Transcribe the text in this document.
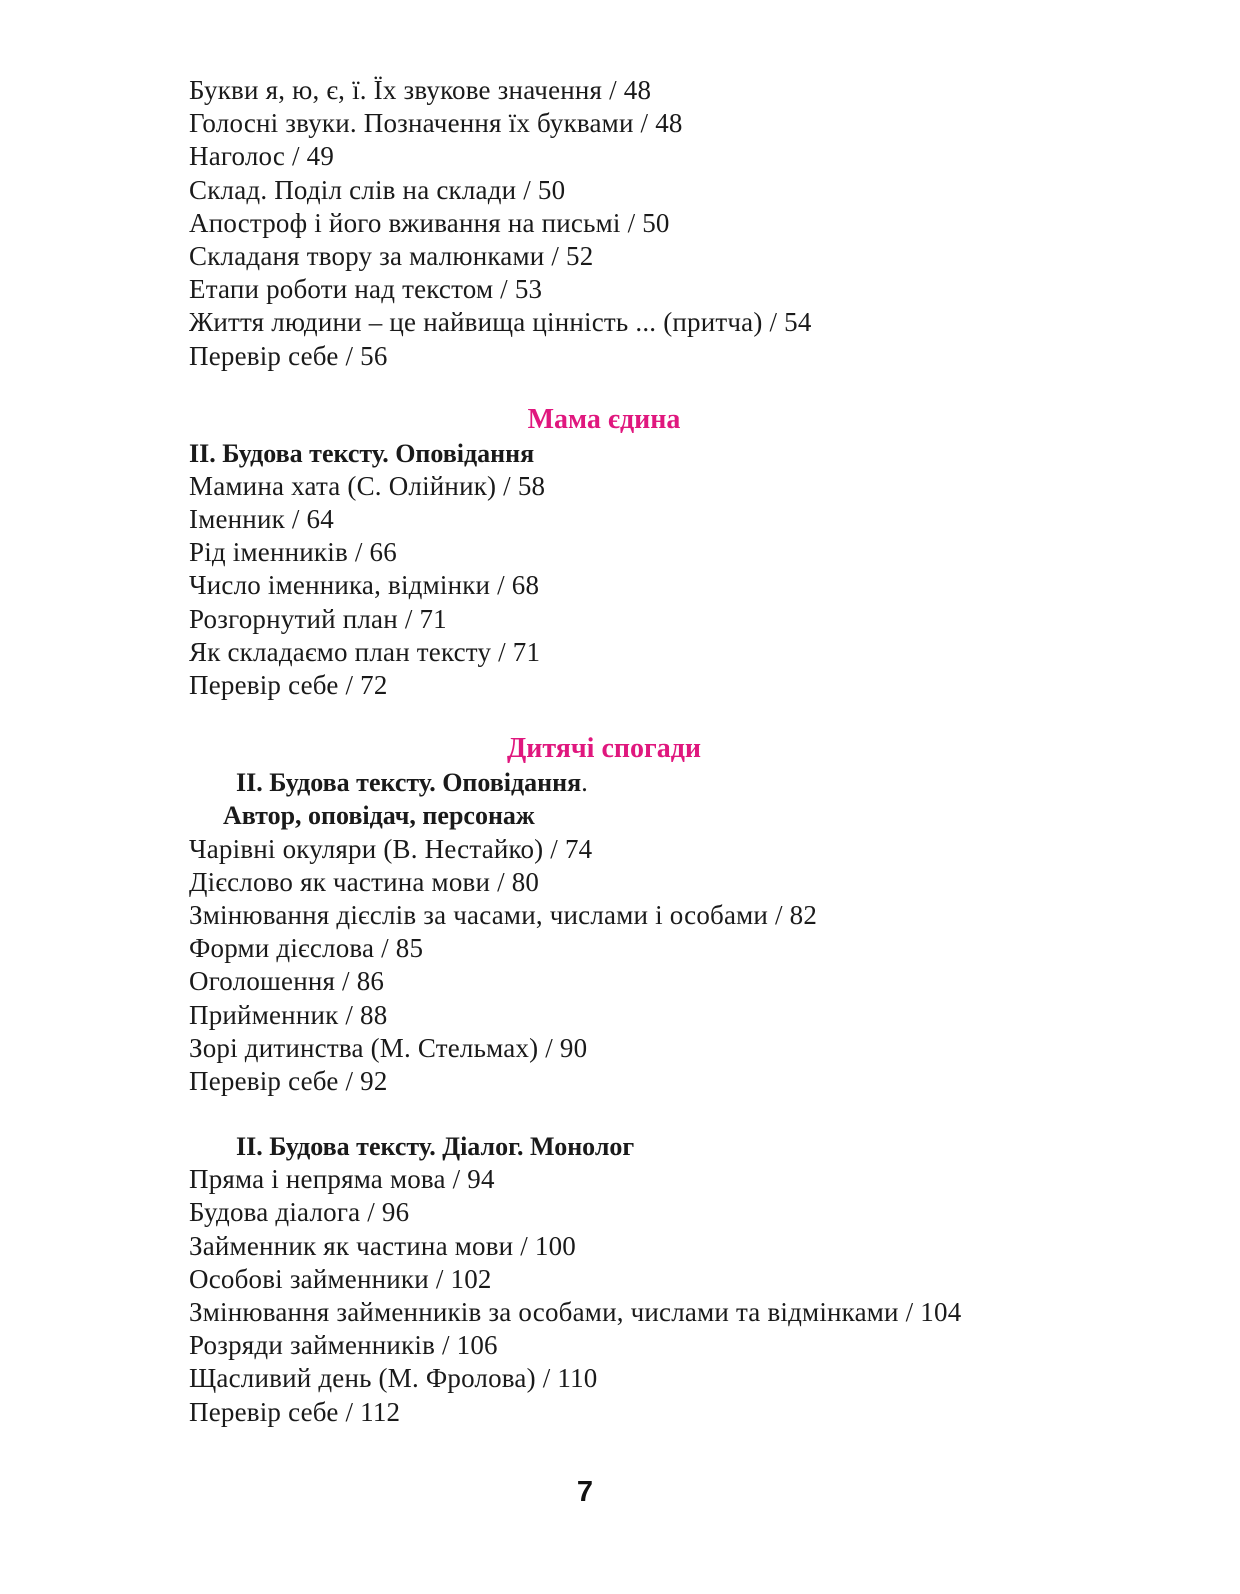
Букви я, ю, є, ї. Їх звукове значення / 48
Голосні звуки. Позначення їх буквами / 48
Наголос / 49
Склад. Поділ слів на склади / 50
Апостроф і його вживання на письмі / 50
Складаня твору за малюнками / 52
Етапи роботи над текстом / 53
Життя людини – це найвища цінність ... (притча) / 54
Перевір себе / 56
Мама єдина
ІІ. Будова тексту. Оповідання
Мамина хата (С. Олійник) / 58
Іменник / 64
Рід іменників / 66
Число іменника, відмінки / 68
Розгорнутий план / 71
Як складаємо план тексту / 71
Перевір себе / 72
Дитячі спогади
ІІ. Будова тексту. Оповідання.
Автор, оповідач, персонаж
Чарівні окуляри (В. Нестайко) / 74
Дієслово як частина мови / 80
Змінювання дієслів за часами, числами і особами / 82
Форми дієслова / 85
Оголошення / 86
Прийменник / 88
Зорі дитинства (М. Стельмах) / 90
Перевір себе / 92
ІІ. Будова тексту. Діалог. Монолог
Пряма і непряма мова / 94
Будова діалога / 96
Займенник як частина мови / 100
Особові займенники / 102
Змінювання займенників за особами, числами та відмінками / 104
Розряди займенників / 106
Щасливий день (М. Фролова) / 110
Перевір себе / 112
7
